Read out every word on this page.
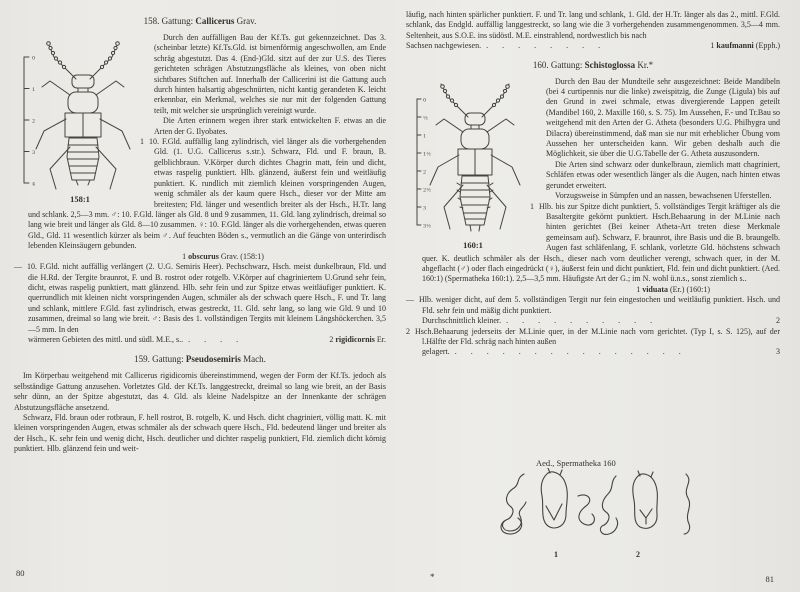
158. Gattung: Callicerus Grav.
0
1
2
3
4
158:1

Durch den auffälligen Bau der Kf.Ts. gut gekennzeichnet. Das 3. (scheinbar letzte) Kf.Ts.Gld. ist birnenförmig angeschwollen, am Ende schräg abgestutzt. Das 4. (End-)Gld. sitzt auf der zur U.S. des Tieres gerichteten schrägen Abstutzungsfläche als kleines, von oben nicht sichtbares Stiftchen auf. Innerhalb der Callicerini ist die Gattung auch durch hinten halsartig abgeschnürten, nicht kantig gerandeten K. leicht erkennbar, ein Merkmal, welches sie nur mit der folgenden Gattung teilt, mit welcher sie ursprünglich vereinigt wurde.

Die Arten erinnern wegen ihrer stark entwickelten F. etwas an die Arten der G. Ilyobates.

1 10. F.Gld. auffällig lang zylindrisch, viel länger als die vorhergehenden Gld. (1. U.G. Callicerus s.str.). Schwarz, Fld. und F. braun, B. gelblichbraun. V.Körper durch dichtes Chagrin matt, fein und dicht, etwas raspelig punktiert. Hlb. glänzend, äußerst fein und weitläufig punktiert. K. rundlich mit ziemlich kleinen vorspringenden Augen, wenig schmäler als der kaum quere Hsch., dieser vor der Mitte am breitesten; Fld. länger und wesentlich breiter als der Hsch., H.Tr. lang und schlank. 2,5—3 mm. ♂: 10. F.Gld. länger als Gld. 8 und 9 zusammen, 11. Gld. lang zylindrisch, dreimal so lang wie breit und länger als Gld. 8—10 zusammen. ♀: 10. F.Gld. länger als die vorhergehenden, etwas queren Gld., Gld. 11 wesentlich kürzer als beim ♂. Auf feuchten Böden s., vermutlich an die Gänge von unterirdisch lebenden Kleinsäugern gebunden.

1 obscurus Grav. (158:1)

— 10. F.Gld. nicht auffällig verlängert (2. U.G. Semiris Heer). Pechschwarz, Hsch. meist dunkelbraun, Fld. und die H.Rd. der Tergite braunrot, F. und B. rostrot oder rotgelb. V.Körper auf chagriniertem U.Grund sehr fein, dicht, etwas raspelig punktiert, matt glänzend. Hlb. sehr fein und zur Spitze etwas weitläufiger punktiert. K. querrundlich mit kleinen nicht vorspringenden Augen, schmäler als der schwach quere Hsch., F. und Tr. lang und schlank, mittlere F.Gld. fast zylindrisch, etwas gestreckt, 11. Gld. sehr lang, so lang wie Gld. 9 und 10 zusammen, dreimal so lang wie breit. ♂: Basis des 1. vollständigen Tergits mit kleinem Längshöckerchen. 3,5—5 mm. In den

wärmeren Gebieten des mittl. und südl. M.E., s.. . . . .	2 rigidicornis Er.
159. Gattung: Pseudosemiris Mach.

Im Körperbau weitgehend mit Callicerus rigidicornis übereinstimmend, wegen der Form der Kf.Ts. jedoch als selbständige Gattung anzusehen. Vorletztes Gld. der Kf.Ts. langgestreckt, dreimal so lang wie breit, an der Basis sehr dünn, an der Spitze abgestutzt, das 4. Gld. als kleine Nadelspitze an der Innenkante der schrägen Abstutzungsfläche ansetzend.

Schwarz, Fld. braun oder rotbraun, F. hell rostrot, B. rotgelb, K. und Hsch. dicht chagriniert, völlig matt. K. mit kleinen vorspringenden Augen, etwas schmäler als der schwach quere Hsch., Fld. bedeutend länger und breiter als der Hsch., K. sehr fein und wenig dicht, Hsch. deutlicher und dichter raspelig punktiert, Fld. ziemlich dicht körnig punktiert. Hlb. glänzend fein und weit-

80

läufig, nach hinten spärlicher punktiert. F. und Tr. lang und schlank, 1. Gld. der H.Tr. länger als das 2., mittl. F.Gld. schlank, das Endgld. auffällig langgestreckt, so lang wie die 3 vorhergehenden zusammengenommen. 3,5—4 mm. Seltenheit, aus S.O.E. ins südöstl. M.E. einstrahlend, nordwestlich bis nach

Sachsen nachgewiesen. . . . . . . . .	1 kaufmanni (Epph.)
160. Gattung: Schistoglossa Kr.*
0
½
1
1½
2
2½
3
3½
160:1

Durch den Bau der Mundteile sehr ausgezeichnet: Beide Mandibeln (bei 4 curtipennis nur die linke) zweispitzig, die Zunge (Ligula) bis auf den Grund in zwei schmale, etwas divergierende Lappen geteilt (Mandibel 160, 2. Maxille 160, s. S. 75). Im Aussehen, F.- und Tr.Bau so weitgehend mit den Arten der G. Atheta (besonders U.G. Philhygra und Dilacra) übereinstimmend, daß man sie nur mit erheblicher Übung vom Aussehen her unterscheiden kann. Wir geben deshalb auch die Möglichkeit, sie über die U.G.Tabelle der G. Atheta auszusondern.

Die Arten sind schwarz oder dunkelbraun, ziemlich matt chagriniert, Schläfen etwas oder wesentlich länger als die Augen, nach hinten etwas gerundet erweitert.

Vorzugsweise in Sümpfen und an nassen, bewachsenen Uferstellen.

1 Hlb. bis zur Spitze dicht punktiert, 5. vollständiges Tergit kräftiger als die Basaltergite gekörnt punktiert. Hsch.Behaarung in der M.Linie nach hinten gerichtet (Bei keiner Atheta-Art treten diese Merkmale gemeinsam auf). Schwarz, F. braunrot, ihre Basis und die B. braungelb. Augen fast schläfenlang, F. schlank, vorletzte Gld. höchstens schwach quer. K. deutlich schmäler als der Hsch., dieser nach vorn deutlicher verengt, schwach quer, in der M. abgeflacht (♂) oder flach eingedrückt (♀), äußerst fein und dicht punktiert, Fld. fein und dicht punktiert. (Aed. 160:1) (Spermatheka 160:1). 2,5—3,5 mm. Häufigste Art der G.; im N. wohl ü.n.s., sonst ziemlich s..

1 viduata (Er.) (160:1)

— Hlb. weniger dicht, auf dem 5. vollständigen Tergit nur fein eingestochen und weitläufig punktiert. Hsch. und Fld. sehr fein und mäßig dicht punktiert.

Durchschnittlich kleiner. . . . . . . . . . .	2

2 Hsch.Behaarung jederseits der M.Linie quer, in der M.Linie nach vorn gerichtet. (Typ I, s. S. 125), auf der l.Hälfte der Fld. schräg nach hinten außen

gelagert. . . . . . . . . . . . . . . .	3
Aed., Spermatheka 160
1	2
*	81
